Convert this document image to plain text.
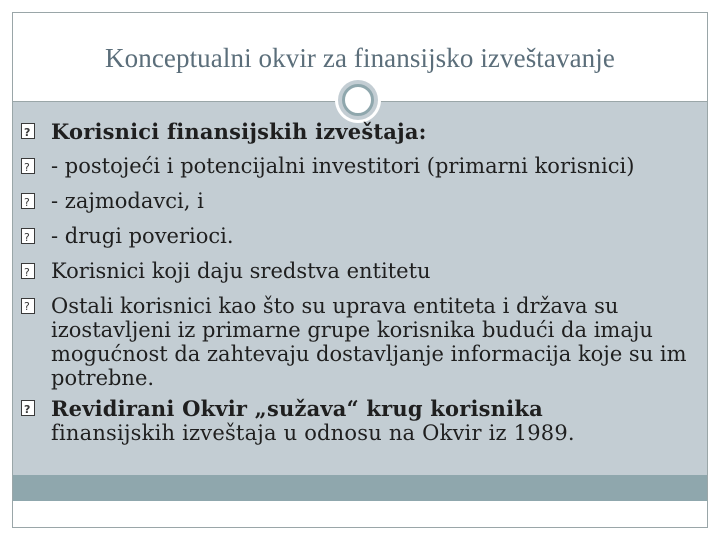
Konceptualni okvir za finansijsko izveštavanje
?
Korisnici finansijskih izveštaja:
?
- postojeći i potencijalni investitori (primarni korisnici)
?
- zajmodavci, i
?
- drugi poverioci.
?
Korisnici koji daju sredstva entitetu
?
Ostali korisnici kao što su uprava entiteta i država su izostavljeni iz primarne grupe korisnika budući da imaju mogućnost da zahtevaju dostavljanje informacija koje su im potrebne.
?
Revidirani Okvir „sužava“ krug korisnika
finansijskih izveštaja u odnosu na Okvir iz 1989.
